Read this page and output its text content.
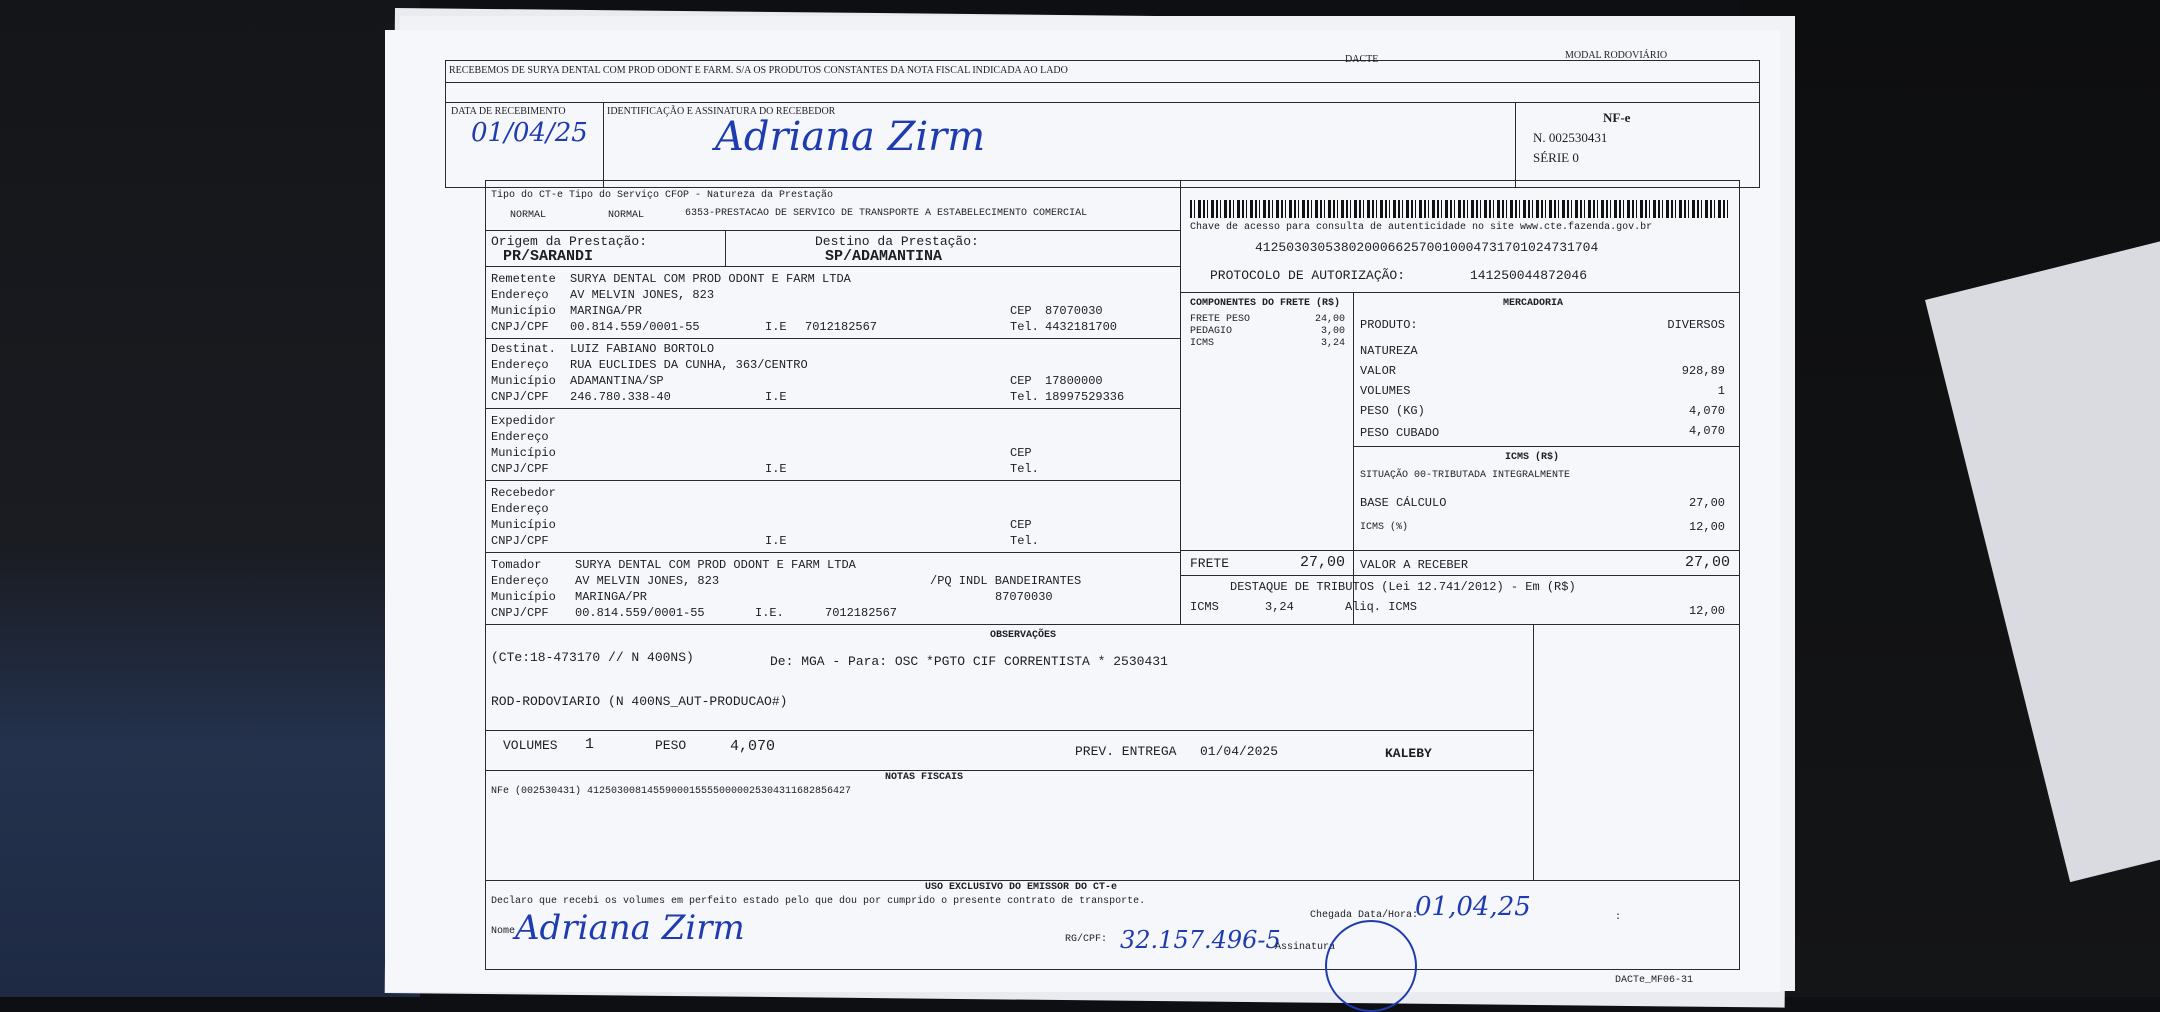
RECEBEMOS DE SURYA DENTAL COM PROD ODONT E FARM. S/A OS PRODUTOS CONSTANTES DA NOTA FISCAL INDICADA AO LADO
DACTE	MODAL RODOVIÁRIO
DATA DE RECEBIMENTO
01/04/25
IDENTIFICAÇÃO E ASSINATURA DO RECEBEDOR
Adriana Zirm	NF-e
N. 002530431
SÉRIE 0
Tipo do CT-e Tipo do Serviço CFOP - Natureza da Prestação
NORMAL	NORMAL	6353-PRESTACAO DE SERVICO DE TRANSPORTE A ESTABELECIMENTO COMERCIAL
Chave de acesso para consulta de autenticidade no site www.cte.fazenda.gov.br
41250303053802000662570010004731701024731704
PROTOCOLO DE AUTORIZAÇÃO:	141250044872046
Origem da Prestação:
PR/SARANDI
Destino da Prestação:
SP/ADAMANTINA
Remetente SURYA DENTAL COM PROD ODONT E FARM LTDA
Endereço AV MELVIN JONES, 823
Município MARINGA/PR
CNPJ/CPF 00.814.559/0001-55	I.E 7012182567
CEP 87070030
Tel. 4432181700
Destinat. LUIZ FABIANO BORTOLO
Endereço RUA EUCLIDES DA CUNHA, 363/CENTRO
Município ADAMANTINA/SP
CNPJ/CPF 246.780.338-40	I.E
CEP 17800000
Tel. 18997529336
Expedidor
Endereço
Município
CNPJ/CPF	I.E
CEP
Tel.
Recebedor
Endereço
Município
CNPJ/CPF	I.E
CEP
Tel.
Tomador	SURYA DENTAL COM PROD ODONT E FARM LTDA
Endereço AV MELVIN JONES, 823	/PQ INDL BANDEIRANTES
Município MARINGA/PR	87070030
CNPJ/CPF 00.814.559/0001-55	I.E.	7012182567
COMPONENTES DO FRETE (R$)
FRETE PESO	24,00
PEDAGIO	3,00
ICMS	3,24
FRETE	27,00
MERCADORIA
PRODUTO:	DIVERSOS
NATUREZA
VALOR	928,89
VOLUMES	1
PESO (KG)	4,070
PESO CUBADO	4,070
ICMS (R$)
SITUAÇÃO 00-TRIBUTADA INTEGRALMENTE
BASE CÁLCULO	27,00
ICMS (%)	12,00
VALOR A RECEBER	27,00
DESTAQUE DE TRIBUTOS (Lei 12.741/2012) - Em (R$)
ICMS	3,24	Aliq. ICMS	12,00
OBSERVAÇÕES
(CTe:18-473170 // N 400NS)	De: MGA - Para: OSC *PGTO CIF CORRENTISTA * 2530431
ROD-RODOVIARIO (N 400NS_AUT-PRODUCAO#)
VOLUMES 1	PESO	4,070	PREV. ENTREGA 01/04/2025	KALEBY
NOTAS FISCAIS
NFe (002530431) 41250300814559000155550000025304311682856427
USO EXCLUSIVO DO EMISSOR DO CT-e
Declaro que recebi os volumes em perfeito estado pelo que dou por cumprido o presente contrato de transporte.
Nome Adriana Zirm	Chegada Data/Hora:
01,04,25	:
RG/CPF: 32.157.496-5
Assinatura
DACTe_MF06-31
